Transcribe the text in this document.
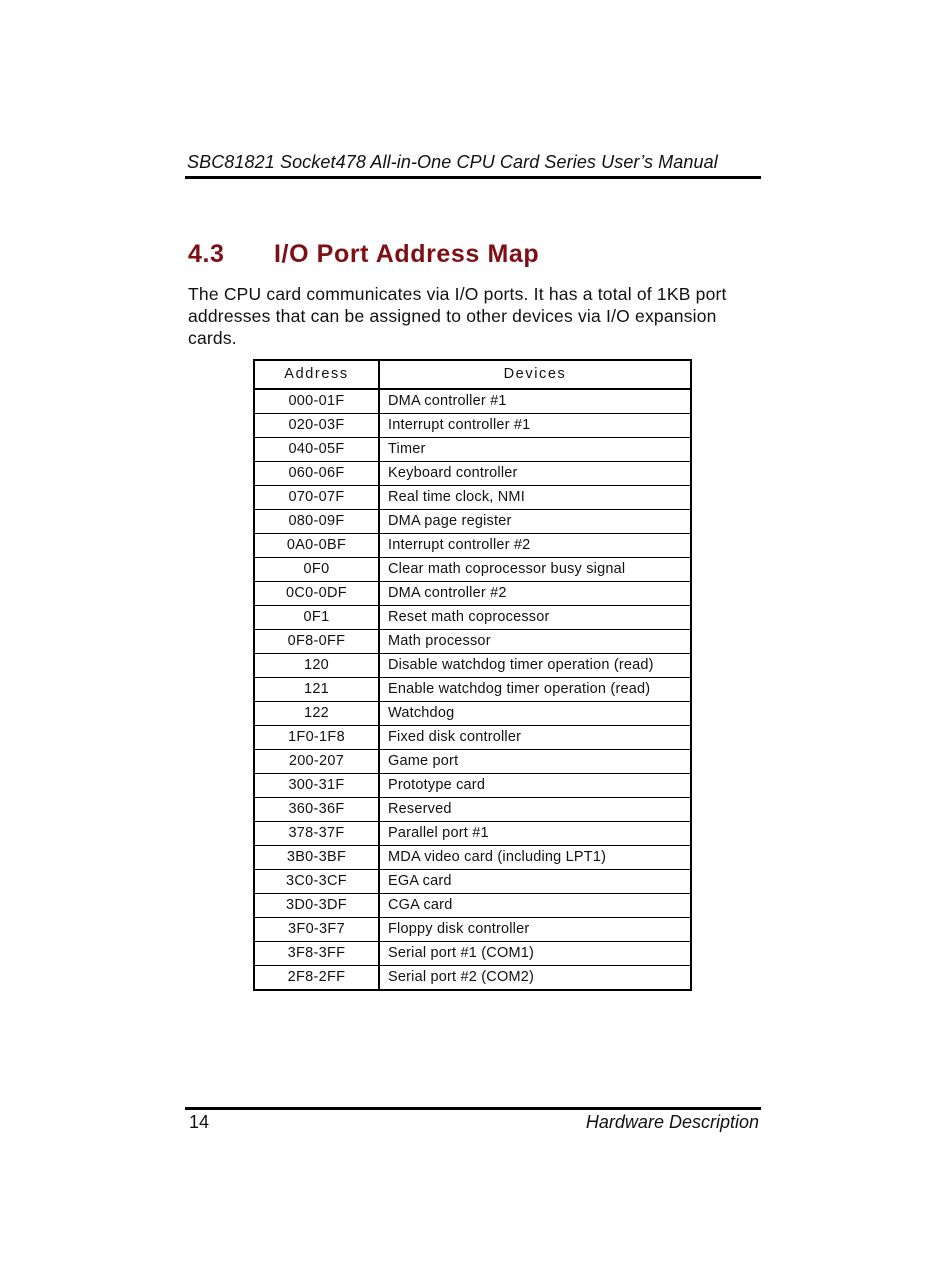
SBC81821 Socket478 All-in-One CPU Card Series User’s Manual
4.3 I/O Port Address Map

The CPU card communicates via I/O ports. It has a total of 1KB port addresses that can be assigned to other devices via I/O expansion cards.

Address	Devices
000-01F	DMA controller #1
020-03F	Interrupt controller #1
040-05F	Timer
060-06F	Keyboard controller
070-07F	Real time clock, NMI
080-09F	DMA page register
0A0-0BF	Interrupt controller #2
0F0	Clear math coprocessor busy signal
0C0-0DF	DMA controller #2
0F1	Reset math coprocessor
0F8-0FF	Math processor
120	Disable watchdog timer operation (read)
121	Enable watchdog timer operation (read)
122	Watchdog
1F0-1F8	Fixed disk controller
200-207	Game port
300-31F	Prototype card
360-36F	Reserved
378-37F	Parallel port #1
3B0-3BF	MDA video card (including LPT1)
3C0-3CF	EGA card
3D0-3DF	CGA card
3F0-3F7	Floppy disk controller
3F8-3FF	Serial port #1 (COM1)
2F8-2FF	Serial port #2 (COM2)
14	Hardware Description
